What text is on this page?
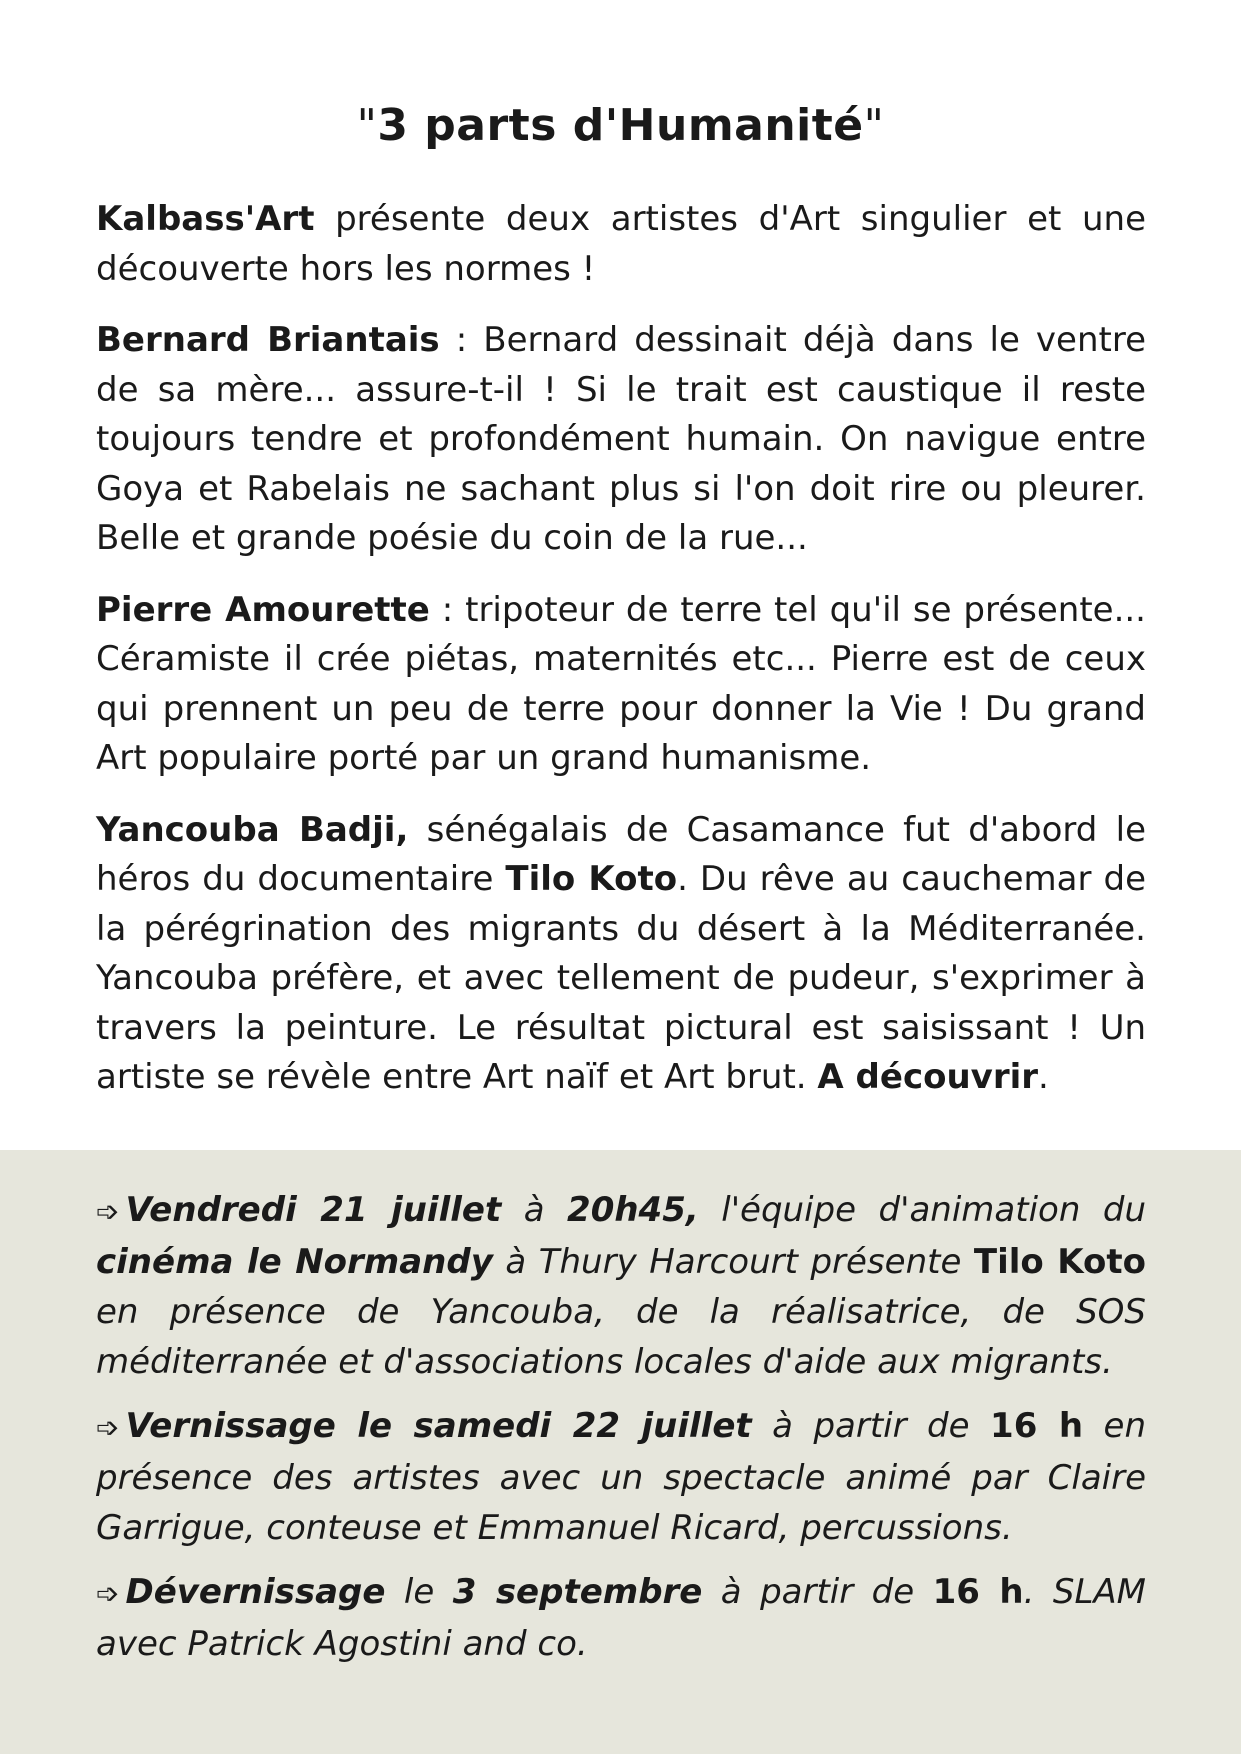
"3 parts d'Humanité"

Kalbass'Art présente deux artistes d'Art singulier et une découverte hors les normes !

Bernard Briantais : Bernard dessinait déjà dans le ventre de sa mère... assure-t-il ! Si le trait est caustique il reste toujours tendre et profondément humain. On navigue entre Goya et Rabelais ne sachant plus si l'on doit rire ou pleurer. Belle et grande poésie du coin de la rue...

Pierre Amourette : tripoteur de terre tel qu'il se présente... Céramiste il crée piétas, maternités etc... Pierre est de ceux qui prennent un peu de terre pour donner la Vie ! Du grand Art populaire porté par un grand humanisme.

Yancouba Badji, sénégalais de Casamance fut d'abord le héros du documentaire Tilo Koto. Du rêve au cauchemar de la pérégrination des migrants du désert à la Méditerranée. Yancouba préfère, et avec tellement de pudeur, s'exprimer à travers la peinture. Le résultat pictural est saisissant ! Un artiste se révèle entre Art naïf et Art brut. A découvrir.

➩ Vendredi 21 juillet à 20h45, l'équipe d'animation du cinéma le Normandy à Thury Harcourt présente Tilo Koto en présence de Yancouba, de la réalisatrice, de SOS méditerranée et d'associations locales d'aide aux migrants.

➩ Vernissage le samedi 22 juillet à partir de 16 h en présence des artistes avec un spectacle animé par Claire Garrigue, conteuse et Emmanuel Ricard, percussions.

➩ Dévernissage le 3 septembre à partir de 16 h. SLAM avec Patrick Agostini and co.
